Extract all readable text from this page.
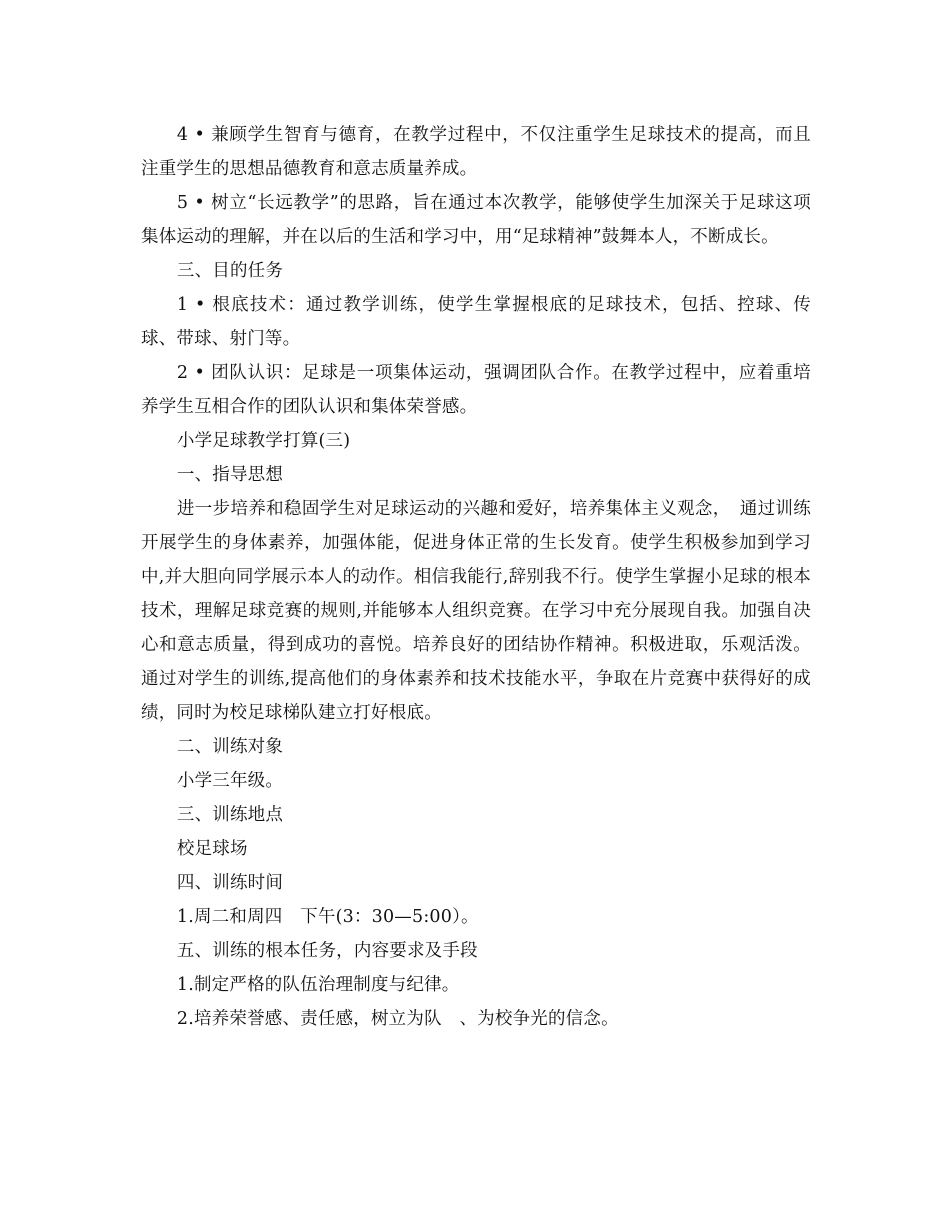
4 • 兼顾学生智育与德育，在教学过程中，不仅注重学生足球技术的提高，而且注重学生的思想品德教育和意志质量养成。

5 • 树立“长远教学”的思路，旨在通过本次教学，能够使学生加深关于足球这项集体运动的理解，并在以后的生活和学习中，用“足球精神”鼓舞本人，不断成长。

三、目的任务

1 • 根底技术：通过教学训练，使学生掌握根底的足球技术，包括、控球、传球、带球、射门等。

2 • 团队认识：足球是一项集体运动，强调团队合作。在教学过程中，应着重培养学生互相合作的团队认识和集体荣誉感。

小学足球教学打算(三)

一、指导思想

进一步培养和稳固学生对足球运动的兴趣和爱好，培养集体主义观念，　通过训练开展学生的身体素养，加强体能，促进身体正常的生长发育。使学生积极参加到学习中,并大胆向同学展示本人的动作。相信我能行,辞别我不行。使学生掌握小足球的根本技术，理解足球竞赛的规则,并能够本人组织竞赛。在学习中充分展现自我。加强自决心和意志质量，得到成功的喜悦。培养良好的团结协作精神。积极进取，乐观活泼。通过对学生的训练,提高他们的身体素养和技术技能水平，争取在片竞赛中获得好的成绩，同时为校足球梯队建立打好根底。

二、训练对象

小学三年级。

三、训练地点

校足球场

四、训练时间

1.周二和周四　下午(3：30—5:00）。

五、训练的根本任务，内容要求及手段

1.制定严格的队伍治理制度与纪律。

2.培养荣誉感、责任感，树立为队　、为校争光的信念。
